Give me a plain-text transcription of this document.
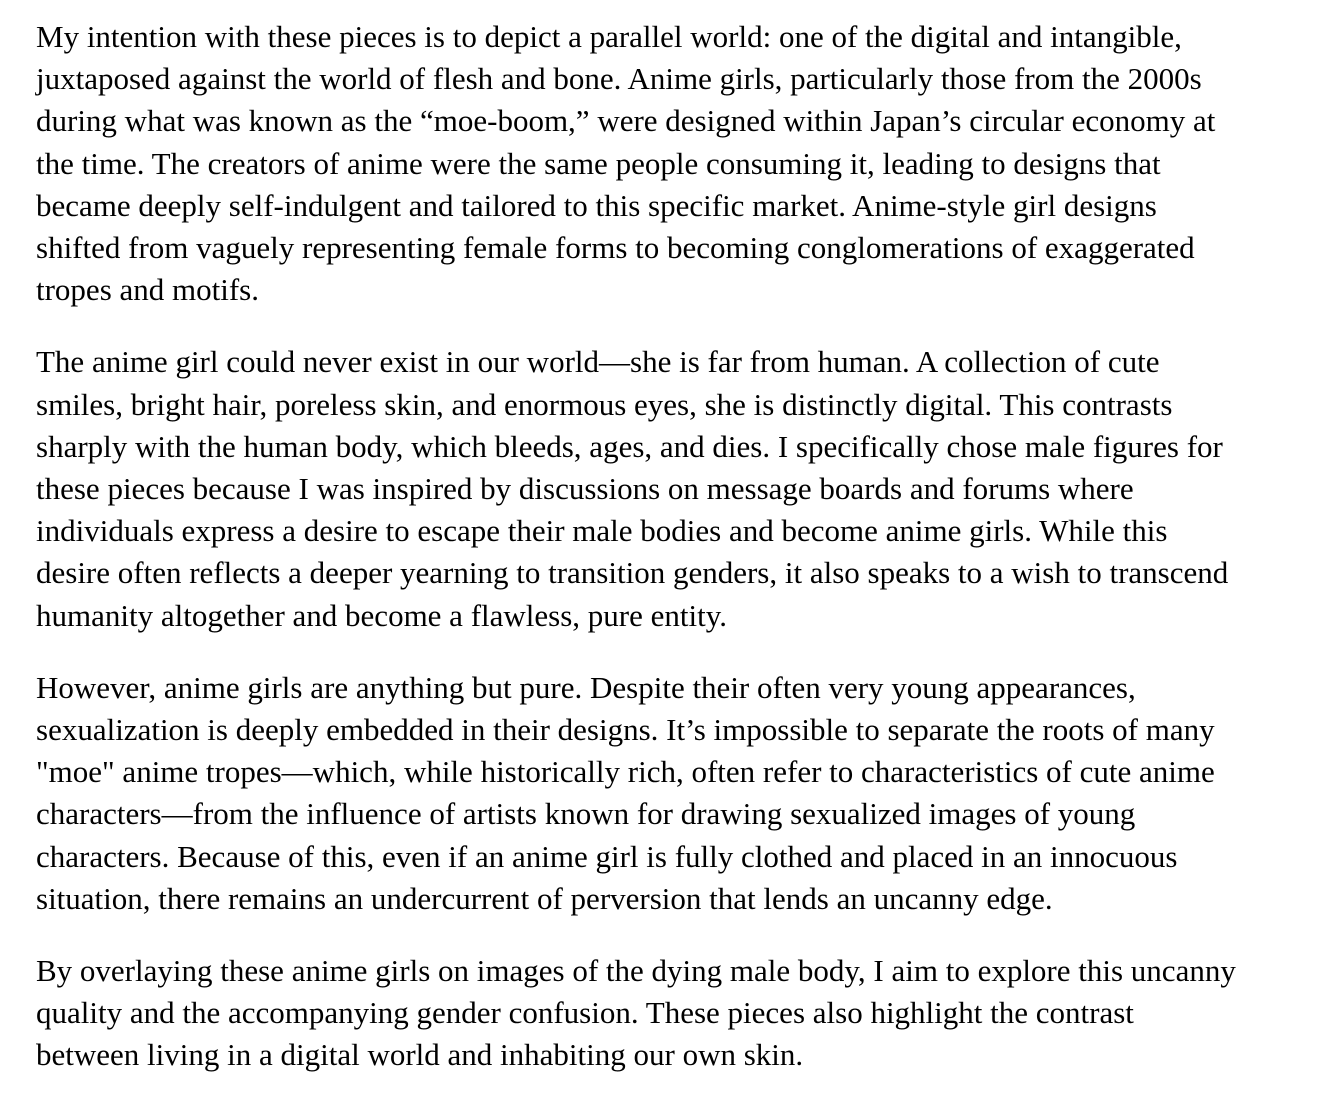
My intention with these pieces is to depict a parallel world: one of the digital and intangible,
juxtaposed against the world of flesh and bone. Anime girls, particularly those from the 2000s
during what was known as the “moe-boom,” were designed within Japan’s circular economy at
the time. The creators of anime were the same people consuming it, leading to designs that
became deeply self-indulgent and tailored to this specific market. Anime-style girl designs
shifted from vaguely representing female forms to becoming conglomerations of exaggerated
tropes and motifs.

The anime girl could never exist in our world—she is far from human. A collection of cute
smiles, bright hair, poreless skin, and enormous eyes, she is distinctly digital. This contrasts
sharply with the human body, which bleeds, ages, and dies. I specifically chose male figures for
these pieces because I was inspired by discussions on message boards and forums where
individuals express a desire to escape their male bodies and become anime girls. While this
desire often reflects a deeper yearning to transition genders, it also speaks to a wish to transcend
humanity altogether and become a flawless, pure entity.

However, anime girls are anything but pure. Despite their often very young appearances,
sexualization is deeply embedded in their designs. It’s impossible to separate the roots of many
"moe" anime tropes—which, while historically rich, often refer to characteristics of cute anime
characters—from the influence of artists known for drawing sexualized images of young
characters. Because of this, even if an anime girl is fully clothed and placed in an innocuous
situation, there remains an undercurrent of perversion that lends an uncanny edge.

By overlaying these anime girls on images of the dying male body, I aim to explore this uncanny
quality and the accompanying gender confusion. These pieces also highlight the contrast
between living in a digital world and inhabiting our own skin.
